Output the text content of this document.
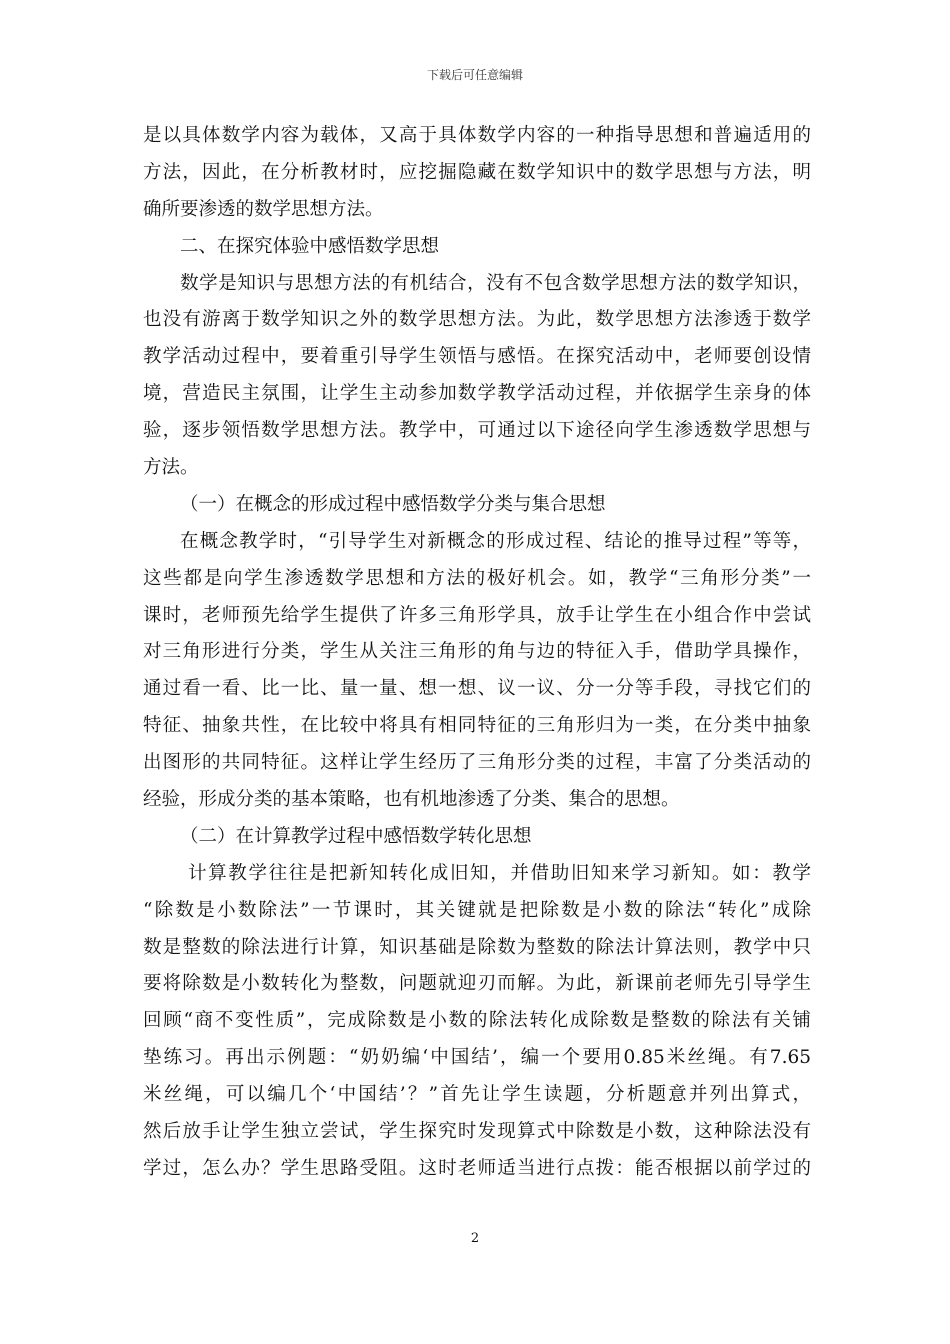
下载后可任意编辑
是以具体数学内容为载体，又高于具体数学内容的一种指导思想和普遍适用的
方法，因此，在分析教材时，应挖掘隐藏在数学知识中的数学思想与方法，明
确所要渗透的数学思想方法。
二、在探究体验中感悟数学思想
数学是知识与思想方法的有机结合，没有不包含数学思想方法的数学知识，
也没有游离于数学知识之外的数学思想方法。为此，数学思想方法渗透于数学
教学活动过程中，要着重引导学生领悟与感悟。在探究活动中，老师要创设情
境，营造民主氛围，让学生主动参加数学教学活动过程，并依据学生亲身的体
验，逐步领悟数学思想方法。教学中，可通过以下途径向学生渗透数学思想与
方法。
（一）在概念的形成过程中感悟数学分类与集合思想
在概念教学时，“引导学生对新概念的形成过程、结论的推导过程”等等，
这些都是向学生渗透数学思想和方法的极好机会。如，教学“三角形分类”一
课时，老师预先给学生提供了许多三角形学具，放手让学生在小组合作中尝试
对三角形进行分类，学生从关注三角形的角与边的特征入手，借助学具操作，
通过看一看、比一比、量一量、想一想、议一议、分一分等手段，寻找它们的
特征、抽象共性，在比较中将具有相同特征的三角形归为一类，在分类中抽象
出图形的共同特征。这样让学生经历了三角形分类的过程，丰富了分类活动的
经验，形成分类的基本策略，也有机地渗透了分类、集合的思想。
（二）在计算教学过程中感悟数学转化思想
计算教学往往是把新知转化成旧知，并借助旧知来学习新知。如：教学
“除数是小数除法”一节课时，其关键就是把除数是小数的除法“转化”成除
数是整数的除法进行计算，知识基础是除数为整数的除法计算法则，教学中只
要将除数是小数转化为整数，问题就迎刃而解。为此，新课前老师先引导学生
回顾“商不变性质”，完成除数是小数的除法转化成除数是整数的除法有关铺
垫练习。再出示例题：“奶奶编‘中国结’，编一个要用0.85米丝绳。有7.65
米丝绳，可以编几个‘中国结’？”首先让学生读题，分析题意并列出算式，
然后放手让学生独立尝试，学生探究时发现算式中除数是小数，这种除法没有
学过，怎么办？学生思路受阻。这时老师适当进行点拨：能否根据以前学过的
2
